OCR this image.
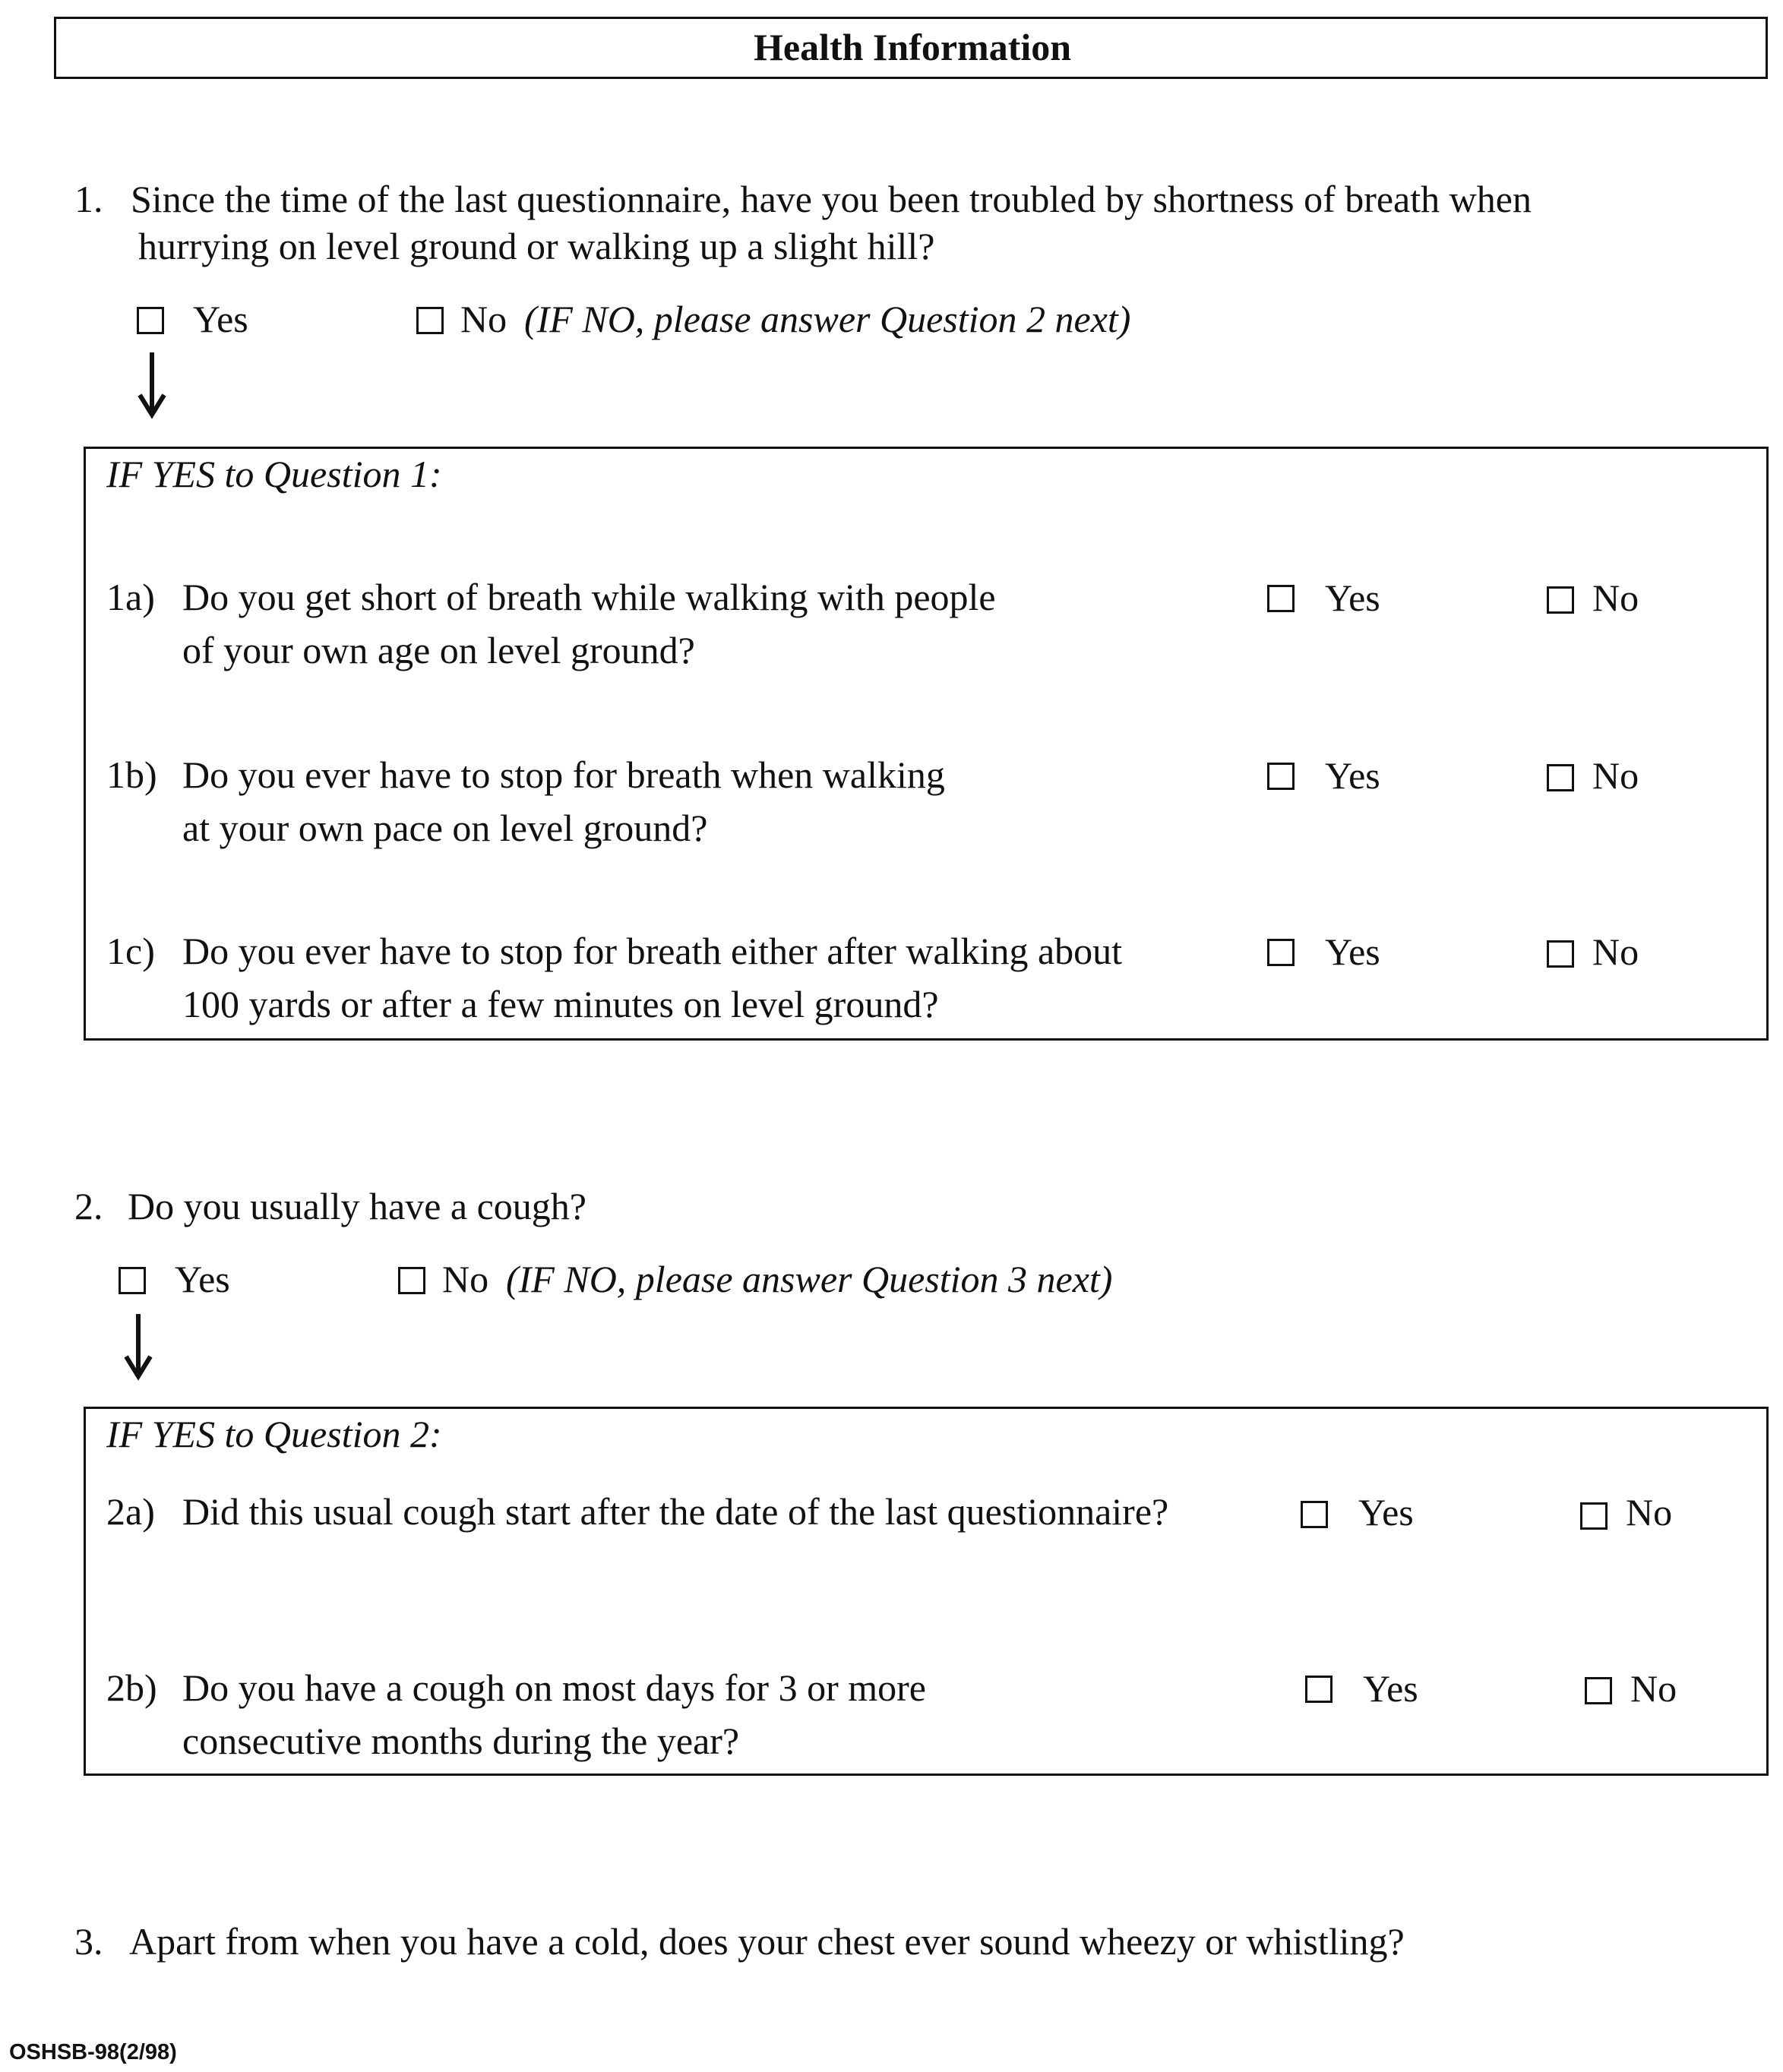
Health Information
1. Since the time of the last questionnaire, have you been troubled by shortness of breath when
hurrying on level ground or walking up a slight hill?
Yes	No (IF NO, please answer Question 2 next)
IF YES to Question 1:
1a) Do you get short of breath while walking with people
of your own age on level ground?
Yes	No
1b) Do you ever have to stop for breath when walking
at your own pace on level ground?
Yes	No
1c) Do you ever have to stop for breath either after walking about
100 yards or after a few minutes on level ground?
Yes	No
2. Do you usually have a cough?
Yes	No (IF NO, please answer Question 3 next)
IF YES to Question 2:
2a) Did this usual cough start after the date of the last questionnaire?	Yes	No
2b) Do you have a cough on most days for 3 or more
consecutive months during the year?
Yes	No
3. Apart from when you have a cold, does your chest ever sound wheezy or whistling?
OSHSB-98(2/98)
